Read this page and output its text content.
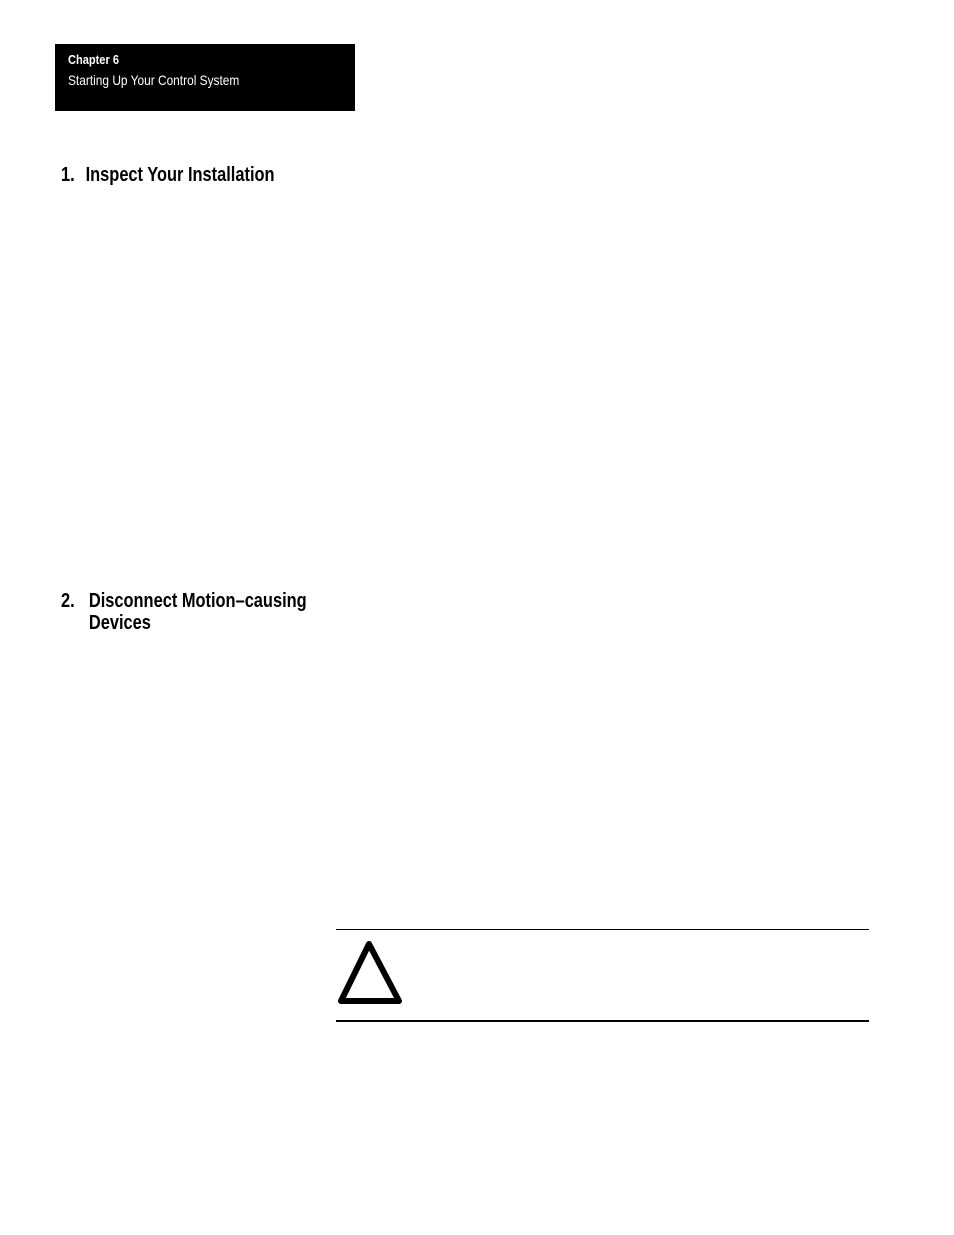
Chapter 6
Starting Up Your Control System
1. Inspect Your Installation
2. Disconnect Motion–causing
Devices
